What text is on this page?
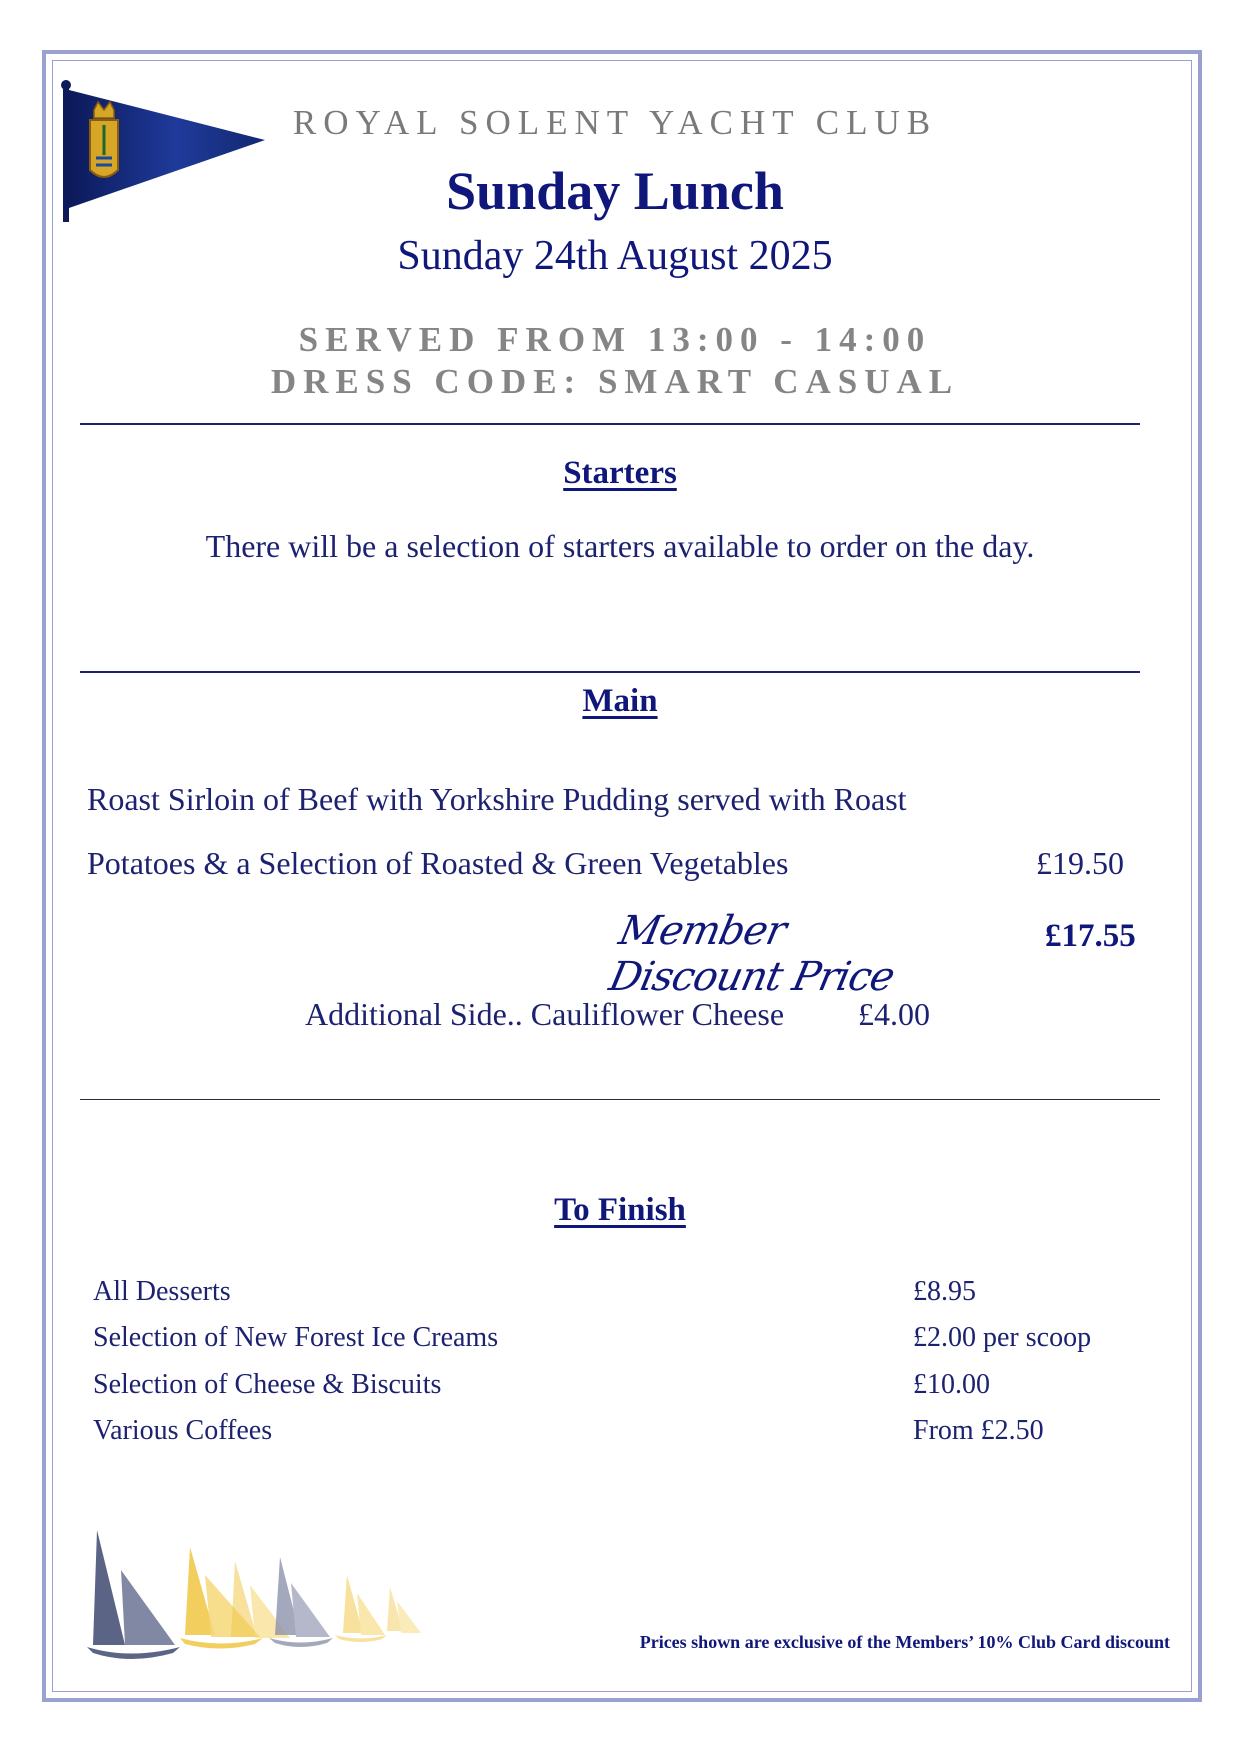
ROYAL SOLENT YACHT CLUB
Sunday Lunch
Sunday 24th August 2025
SERVED FROM 13:00 - 14:00
DRESS CODE: SMART CASUAL
Starters
There will be a selection of starters available to order on the day.
Main
Roast Sirloin of Beef with Yorkshire Pudding served with Roast
Potatoes & a Selection of Roasted & Green Vegetables	£19.50
Member Discount Price
£17.55
Additional Side.. Cauliflower Cheese £4.00
To Finish
All Desserts	£8.95
Selection of New Forest Ice Creams	£2.00 per scoop
Selection of Cheese & Biscuits	£10.00
Various Coffees	From £2.50
Prices shown are exclusive of the Members’ 10% Club Card discount
